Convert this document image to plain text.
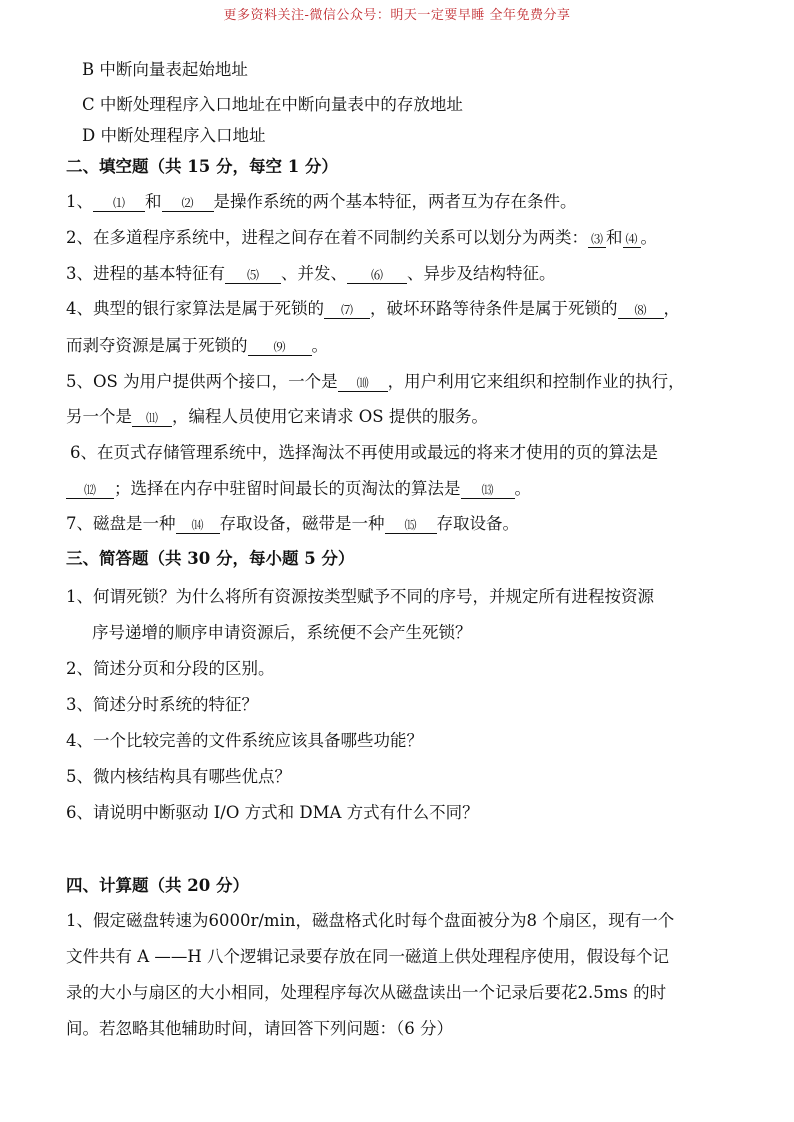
更多资料关注-微信公众号：明天一定要早睡 全年免费分享
B 中断向量表起始地址
C 中断处理程序入口地址在中断向量表中的存放地址
D 中断处理程序入口地址
二、填空题（共 15 分，每空 1 分）
1、 ⑴ 和 ⑵ 是操作系统的两个基本特征，两者互为存在条件。
2、在多道程序系统中，进程之间存在着不同制约关系可以划分为两类： ⑶ 和 ⑷ 。
3、进程的基本特征有 ⑸ 、并发、 ⑹ 、异步及结构特征。
4、典型的银行家算法是属于死锁的 ⑺ ，破坏环路等待条件是属于死锁的 ⑻ ，
而剥夺资源是属于死锁的 ⑼ 。
5、OS 为用户提供两个接口，一个是 ⑽ ，用户利用它来组织和控制作业的执行，
另一个是 ⑾ ，编程人员使用它来请求 OS 提供的服务。
6、在页式存储管理系统中，选择淘汰不再使用或最远的将来才使用的页的算法是
⑿ ；选择在内存中驻留时间最长的页淘汰的算法是 ⒀ 。
7、磁盘是一种 ⒁ 存取设备，磁带是一种 ⒂ 存取设备。
三、简答题（共 30 分，每小题 5 分）
1、何谓死锁？为什么将所有资源按类型赋予不同的序号，并规定所有进程按资源
序号递增的顺序申请资源后，系统便不会产生死锁？
2、简述分页和分段的区别。
3、简述分时系统的特征？
4、一个比较完善的文件系统应该具备哪些功能？
5、微内核结构具有哪些优点？
6、请说明中断驱动 I/O 方式和 DMA 方式有什么不同？
四、计算题（共 20 分）
1、假定磁盘转速为6000r/min，磁盘格式化时每个盘面被分为8 个扇区，现有一个
文件共有 A ——H 八个逻辑记录要存放在同一磁道上供处理程序使用，假设每个记
录的大小与扇区的大小相同，处理程序每次从磁盘读出一个记录后要花2.5ms 的时
间。若忽略其他辅助时间，请回答下列问题：（6 分）
